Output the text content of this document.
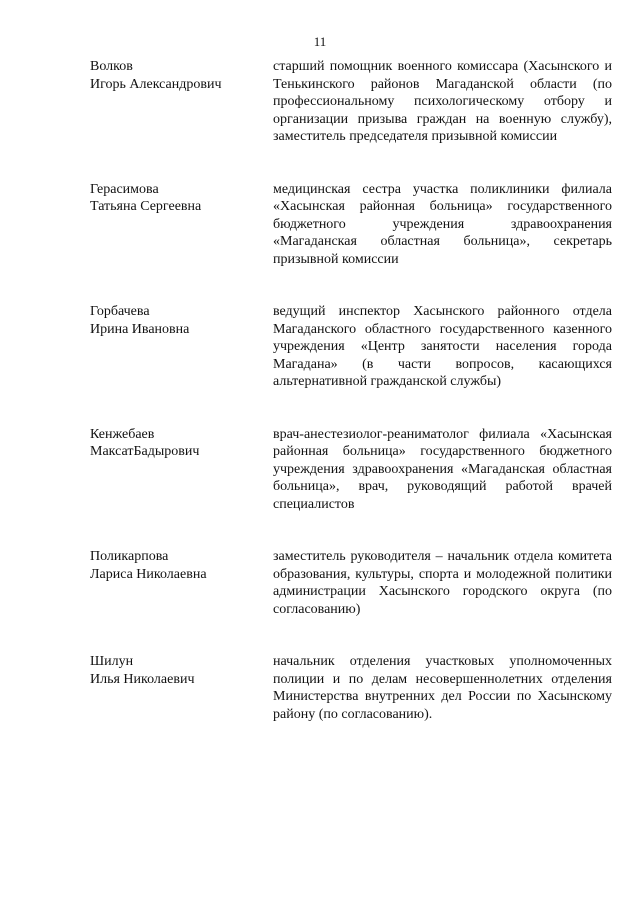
11
Волков
Игорь Александрович
старший помощник военного комиссара (Хасынского и Тенькинского районов Магаданской области (по профессиональному психологическому отбору и организации призыва граждан на военную службу), заместитель председателя призывной комиссии
Герасимова
Татьяна Сергеевна
медицинская сестра участка поликлиники филиала «Хасынская районная больница» государственного бюджетного учреждения здравоохранения «Магаданская областная больница», секретарь призывной комиссии
Горбачева
Ирина Ивановна
ведущий инспектор Хасынского районного отдела Магаданского областного государственного казенного учреждения «Центр занятости населения города Магадана» (в части вопросов, касающихся альтернативной гражданской службы)
Кенжебаев
МаксатБадырович
врач-анестезиолог-реаниматолог филиала «Хасынская районная больница» государственного бюджетного учреждения здравоохранения «Магаданская областная больница», врач, руководящий работой врачей специалистов
Поликарпова
Лариса Николаевна
заместитель руководителя – начальник отдела комитета образования, культуры, спорта и молодежной политики администрации Хасынского городского округа (по согласованию)
Шилун
Илья Николаевич
начальник отделения участковых уполномоченных полиции и по делам несовершеннолетних отделения Министерства внутренних дел России по Хасынскому району (по согласованию).
